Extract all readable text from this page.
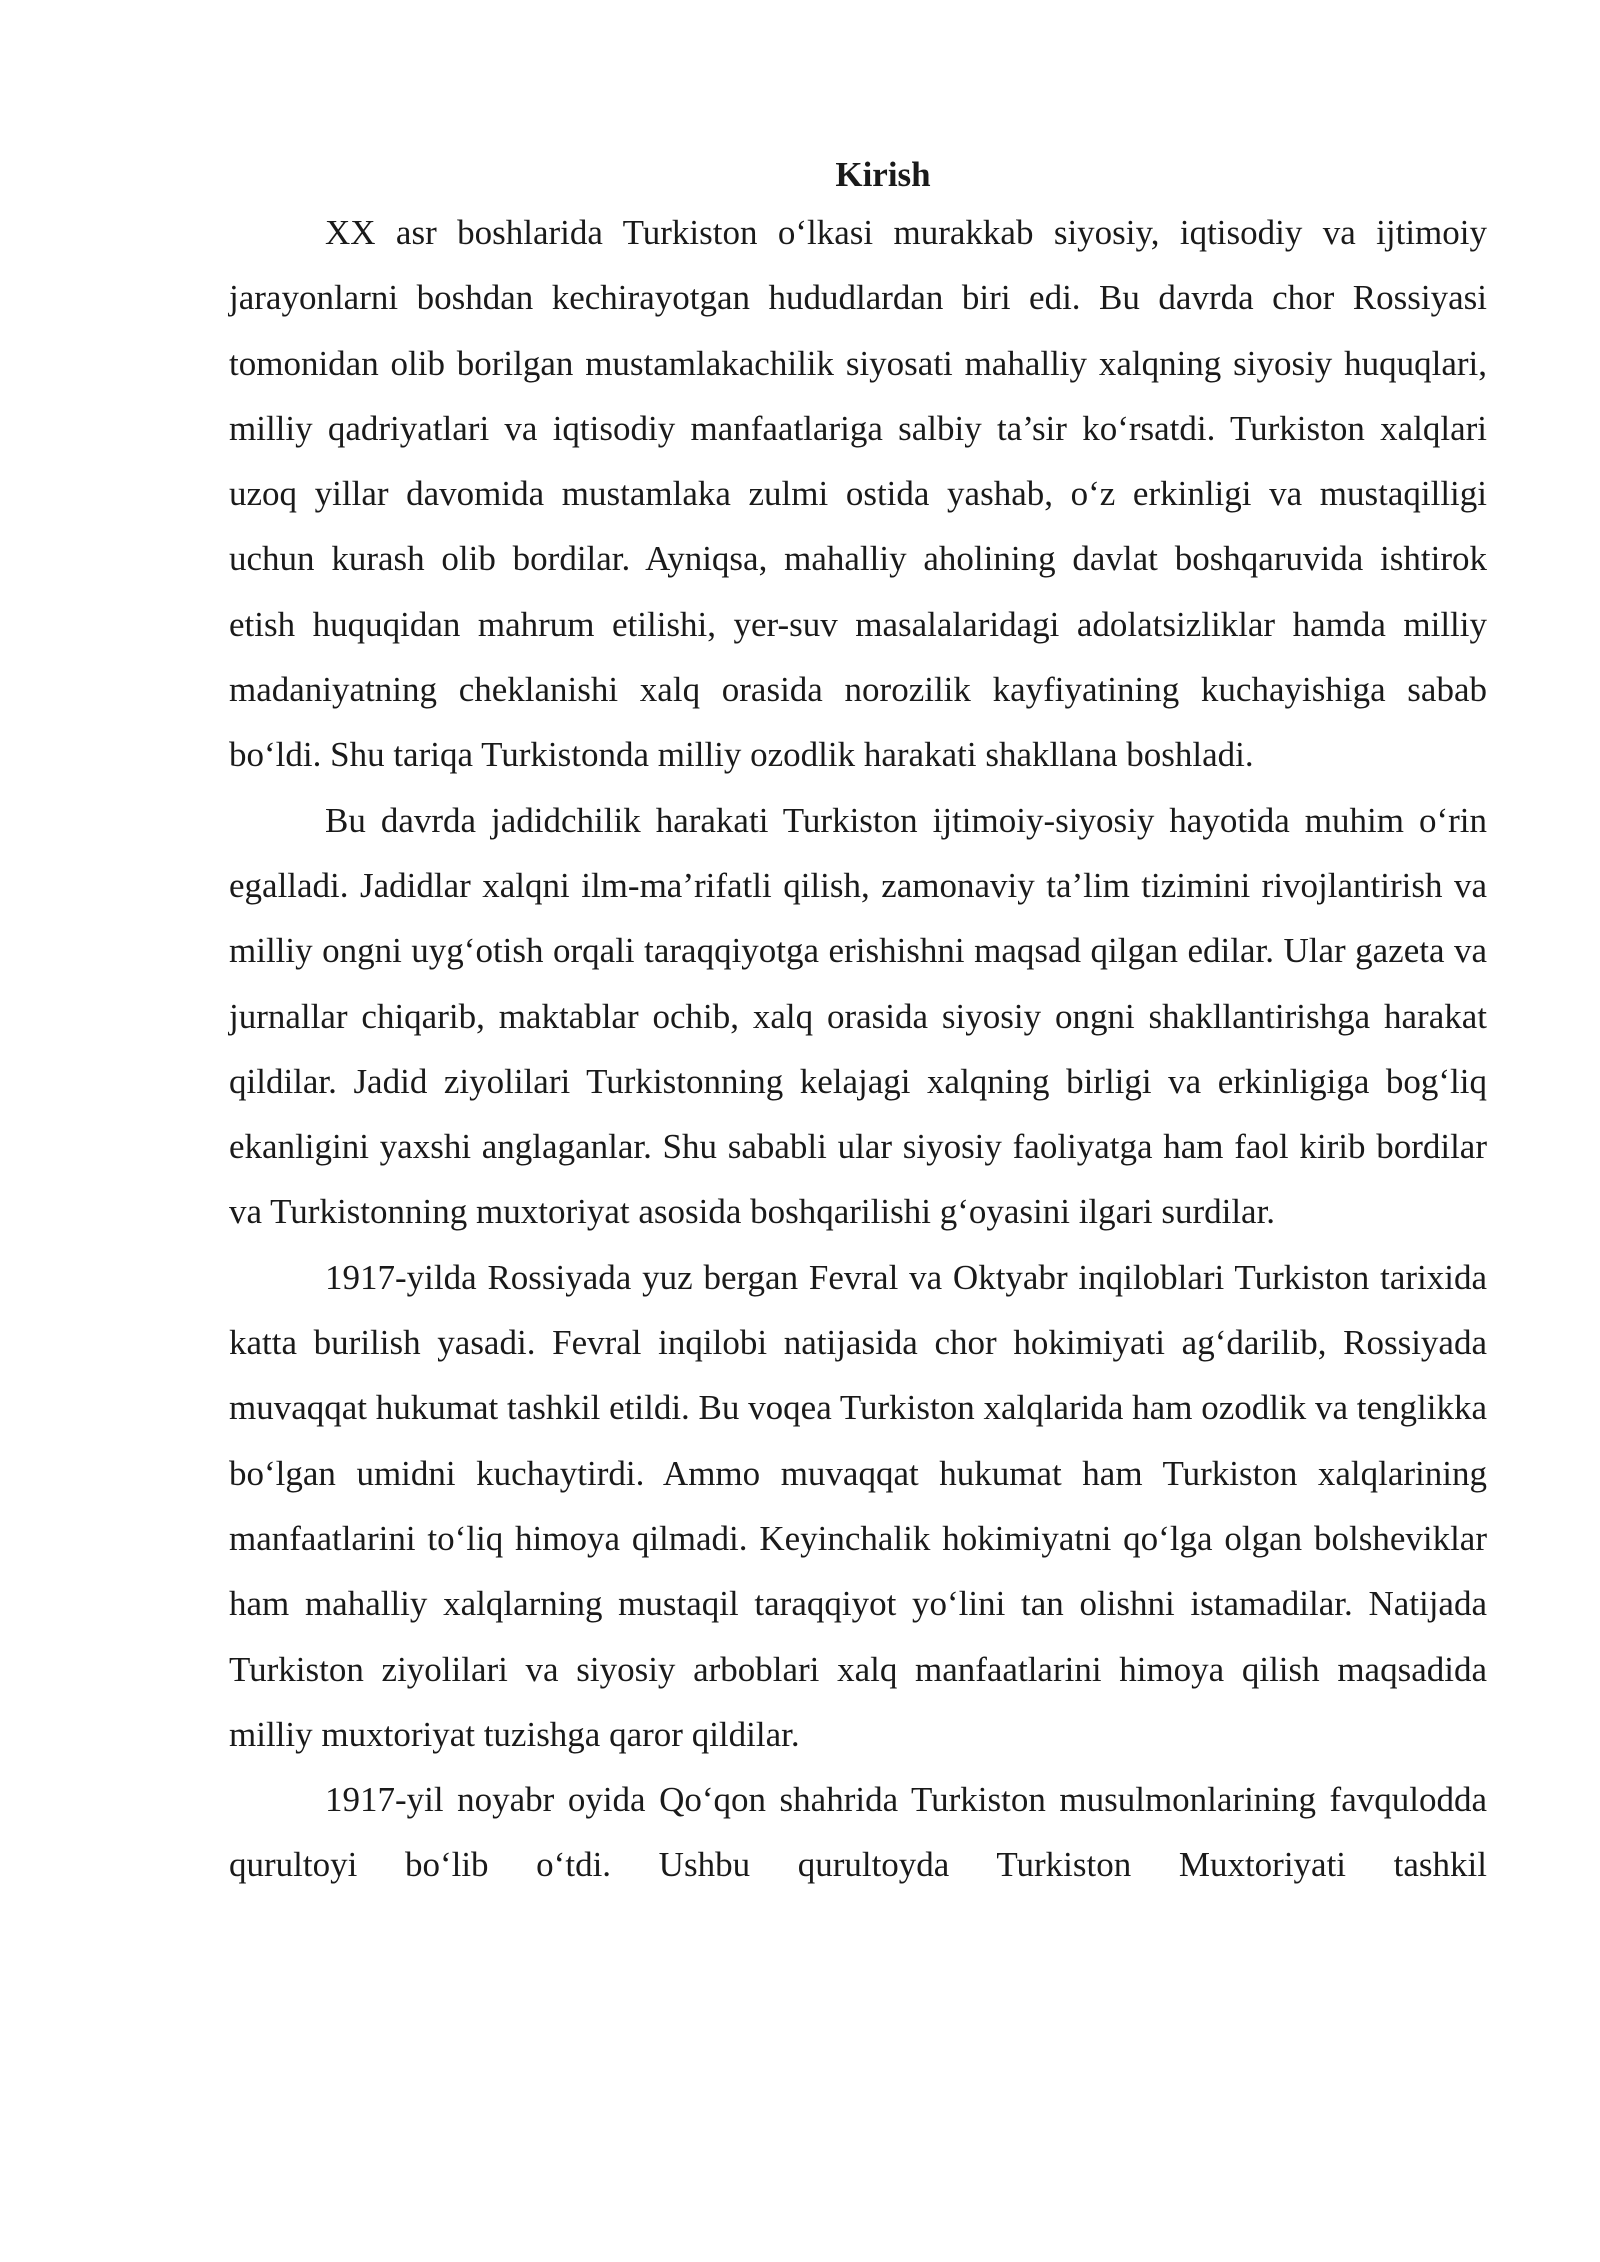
Kirish

XX asr boshlarida Turkiston o‘lkasi murakkab siyosiy, iqtisodiy va ijtimoiy jarayonlarni boshdan kechirayotgan hududlardan biri edi. Bu davrda chor Rossiyasi tomonidan olib borilgan mustamlakachilik siyosati mahalliy xalqning siyosiy huquqlari, milliy qadriyatlari va iqtisodiy manfaatlariga salbiy ta’sir ko‘rsatdi. Turkiston xalqlari uzoq yillar davomida mustamlaka zulmi ostida yashab, o‘z erkinligi va mustaqilligi uchun kurash olib bordilar. Ayniqsa, mahalliy aholining davlat boshqaruvida ishtirok etish huquqidan mahrum etilishi, yer-suv masalalaridagi adolatsizliklar hamda milliy madaniyatning cheklanishi xalq orasida norozilik kayfiyatining kuchayishiga sabab bo‘ldi. Shu tariqa Turkistonda milliy ozodlik harakati shakllana boshladi.

Bu davrda jadidchilik harakati Turkiston ijtimoiy-siyosiy hayotida muhim o‘rin egalladi. Jadidlar xalqni ilm-ma’rifatli qilish, zamonaviy ta’lim tizimini rivojlantirish va milliy ongni uyg‘otish orqali taraqqiyotga erishishni maqsad qilgan edilar. Ular gazeta va jurnallar chiqarib, maktablar ochib, xalq orasida siyosiy ongni shakllantirishga harakat qildilar. Jadid ziyolilari Turkistonning kelajagi xalqning birligi va erkinligiga bog‘liq ekanligini yaxshi anglaganlar. Shu sababli ular siyosiy faoliyatga ham faol kirib bordilar va Turkistonning muxtoriyat asosida boshqarilishi g‘oyasini ilgari surdilar.

1917-yilda Rossiyada yuz bergan Fevral va Oktyabr inqiloblari Turkiston tarixida katta burilish yasadi. Fevral inqilobi natijasida chor hokimiyati ag‘darilib, Rossiyada muvaqqat hukumat tashkil etildi. Bu voqea Turkiston xalqlarida ham ozodlik va tenglikka bo‘lgan umidni kuchaytirdi. Ammo muvaqqat hukumat ham Turkiston xalqlarining manfaatlarini to‘liq himoya qilmadi. Keyinchalik hokimiyatni qo‘lga olgan bolsheviklar ham mahalliy xalqlarning mustaqil taraqqiyot yo‘lini tan olishni istamadilar. Natijada Turkiston ziyolilari va siyosiy arboblari xalq manfaatlarini himoya qilish maqsadida milliy muxtoriyat tuzishga qaror qildilar.

1917-yil noyabr oyida Qo‘qon shahrida Turkiston musulmonlarining favqulodda qurultoyi bo‘lib o‘tdi. Ushbu qurultoyda Turkiston Muxtoriyati tashkil
